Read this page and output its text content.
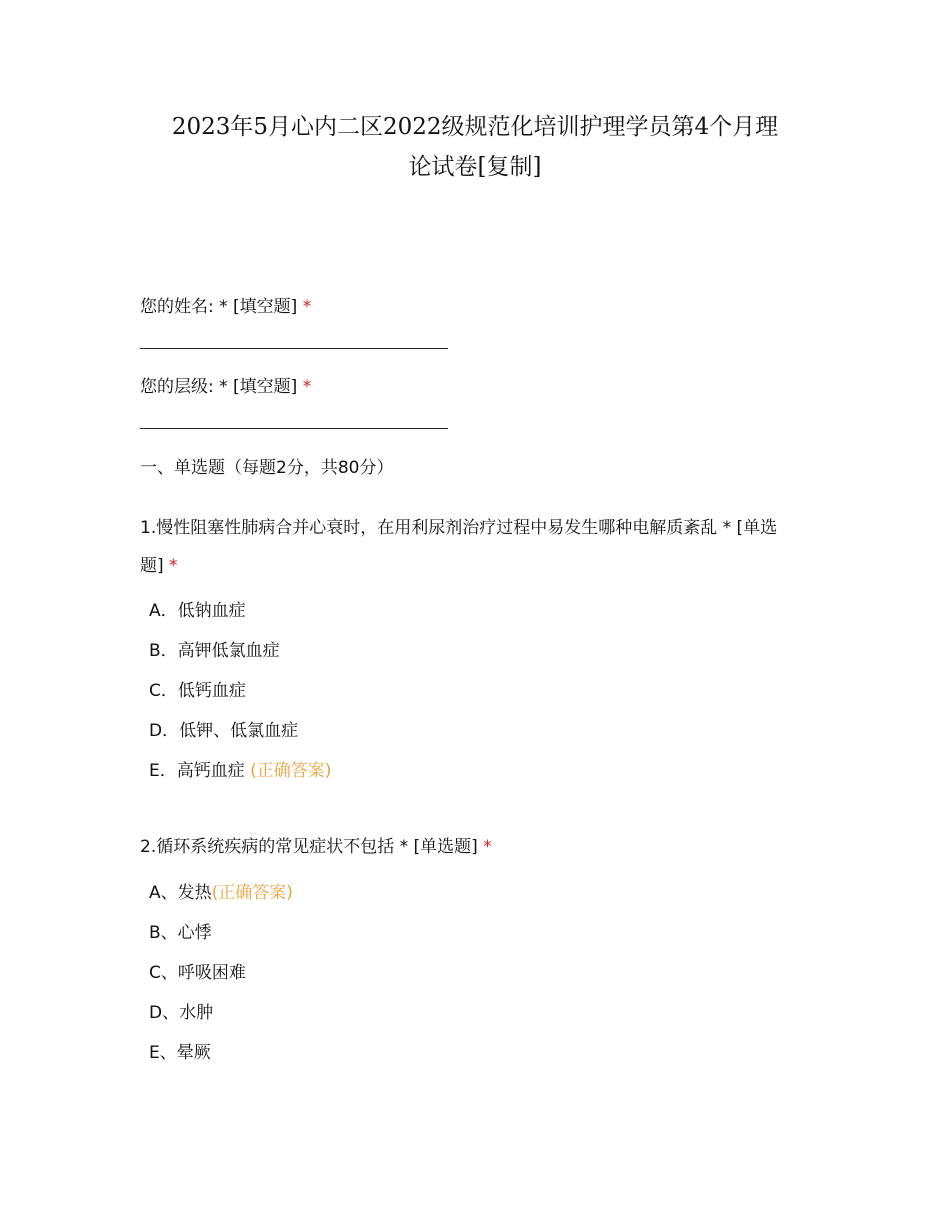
2023年5月心内二区2022级规范化培训护理学员第4个月理
论试卷[复制]
您的姓名: * [填空题] *
您的层级: * [填空题] *
一、单选题（每题2分，共80分）
1.慢性阻塞性肺病合并心衰时，在用利尿剂治疗过程中易发生哪种电解质紊乱 * [单选题] *
A．低钠血症
B．高钾低氯血症
C．低钙血症
D．低钾、低氯血症
E．高钙血症 (正确答案)
2.循环系统疾病的常见症状不包括 * [单选题] *
A、发热(正确答案)
B、心悸
C、呼吸困难
D、水肿
E、晕厥
